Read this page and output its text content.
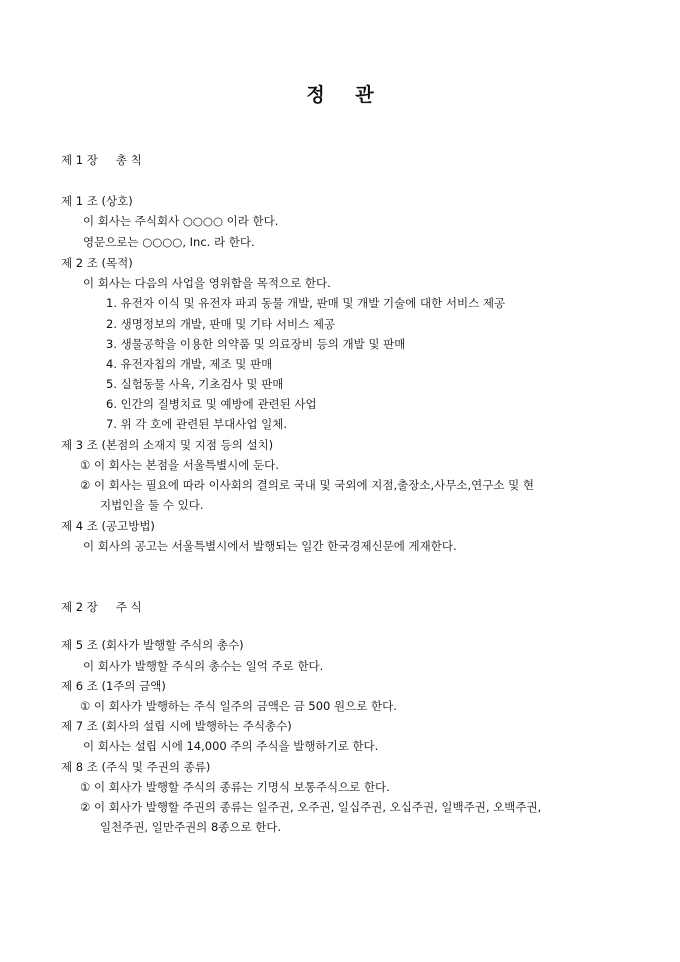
정 관
제 1 장 총 칙
제 1 조 (상호)
이 회사는 주식회사 ○○○○ 이라 한다.
영문으로는 ○○○○, Inc. 라 한다.
제 2 조 (목적)
이 회사는 다음의 사업을 영위함을 목적으로 한다.
1. 유전자 이식 및 유전자 파괴 동물 개발, 판매 및 개발 기술에 대한 서비스 제공
2. 생명정보의 개발, 판매 및 기타 서비스 제공
3. 생물공학을 이용한 의약품 및 의료장비 등의 개발 및 판매
4. 유전자칩의 개발, 제조 및 판매
5. 실험동물 사육, 기초검사 및 판매
6. 인간의 질병치료 및 예방에 관련된 사업
7. 위 각 호에 관련된 부대사업 일체.
제 3 조 (본점의 소재지 및 지점 등의 설치)
① 이 회사는 본점을 서울특별시에 둔다.
② 이 회사는 필요에 따라 이사회의 결의로 국내 및 국외에 지점,출장소,사무소,연구소 및 현
지법인을 둘 수 있다.
제 4 조 (공고방법)
이 회사의 공고는 서울특별시에서 발행되는 일간 한국경제신문에 게재한다.
제 2 장 주 식
제 5 조 (회사가 발행할 주식의 총수)
이 회사가 발행할 주식의 총수는 일억 주로 한다.
제 6 조 (1주의 금액)
① 이 회사가 발행하는 주식 일주의 금액은 금 500 원으로 한다.
제 7 조 (회사의 설립 시에 발행하는 주식총수)
이 회사는 설립 시에 14,000 주의 주식을 발행하기로 한다.
제 8 조 (주식 및 주권의 종류)
① 이 회사가 발행할 주식의 종류는 기명식 보통주식으로 한다.
② 이 회사가 발행할 주권의 종류는 일주권, 오주권, 일십주권, 오십주권, 일백주권, 오백주권,
일천주권, 일만주권의 8종으로 한다.
